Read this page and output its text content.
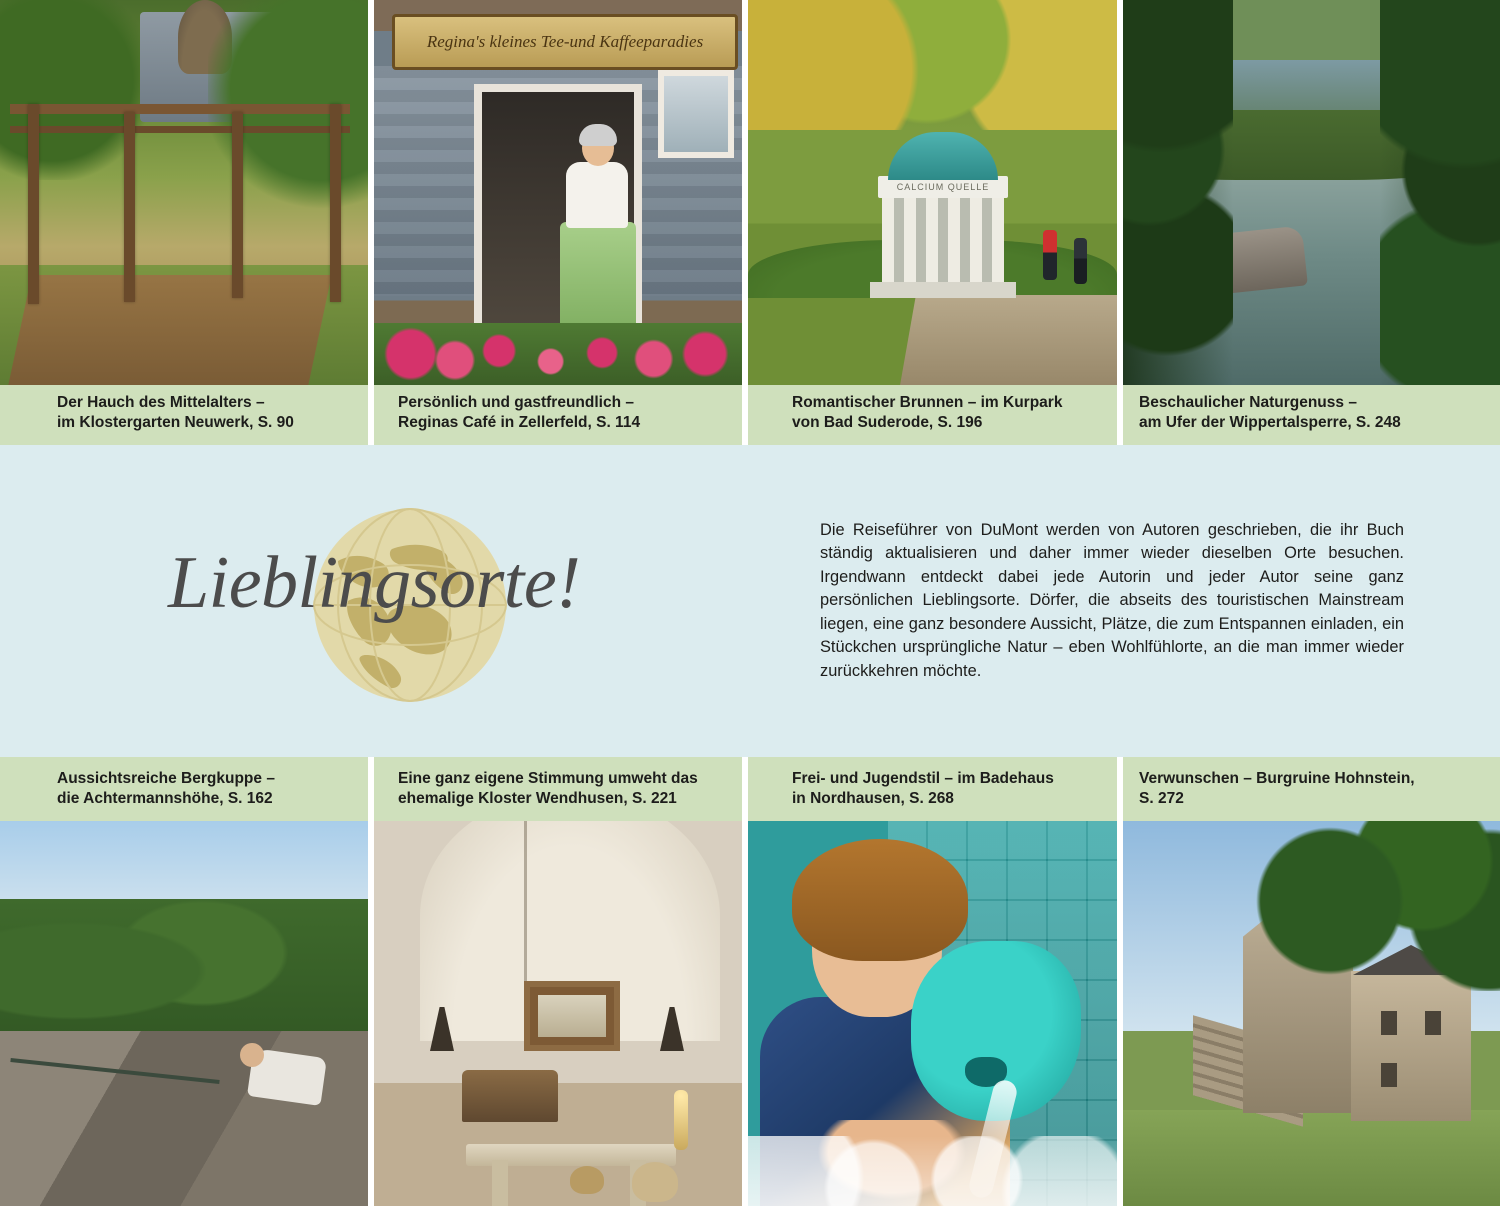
Regina's kleines Tee-und Kaffeeparadies
CALCIUM QUELLE
Der Hauch des Mittelalters –
im Klostergarten Neuwerk, S. 90
Persönlich und gastfreundlich –
Reginas Café in Zellerfeld, S. 114
Romantischer Brunnen – im Kurpark
von Bad Suderode, S. 196
Beschaulicher Naturgenuss –
am Ufer der Wippertalsperre, S. 248
Lieblingsorte!
Die Reiseführer von DuMont werden von Autoren geschrieben, die ihr Buch ständig aktualisieren und daher immer wieder dieselben Orte besuchen. Irgendwann entdeckt dabei jede Autorin und jeder Autor seine ganz persönlichen Lieblingsorte. Dörfer, die abseits des touristischen Mainstream liegen, eine ganz besondere Aussicht, Plätze, die zum Entspannen einladen, ein Stückchen ursprüngliche Natur – eben Wohlfühlorte, an die man immer wieder zurückkehren möchte.
Aussichtsreiche Bergkuppe –
die Achtermannshöhe, S. 162
Eine ganz eigene Stimmung umweht das
ehemalige Kloster Wendhusen, S. 221
Frei- und Jugendstil – im Badehaus
in Nordhausen, S. 268
Verwunschen – Burgruine Hohnstein,
S. 272
